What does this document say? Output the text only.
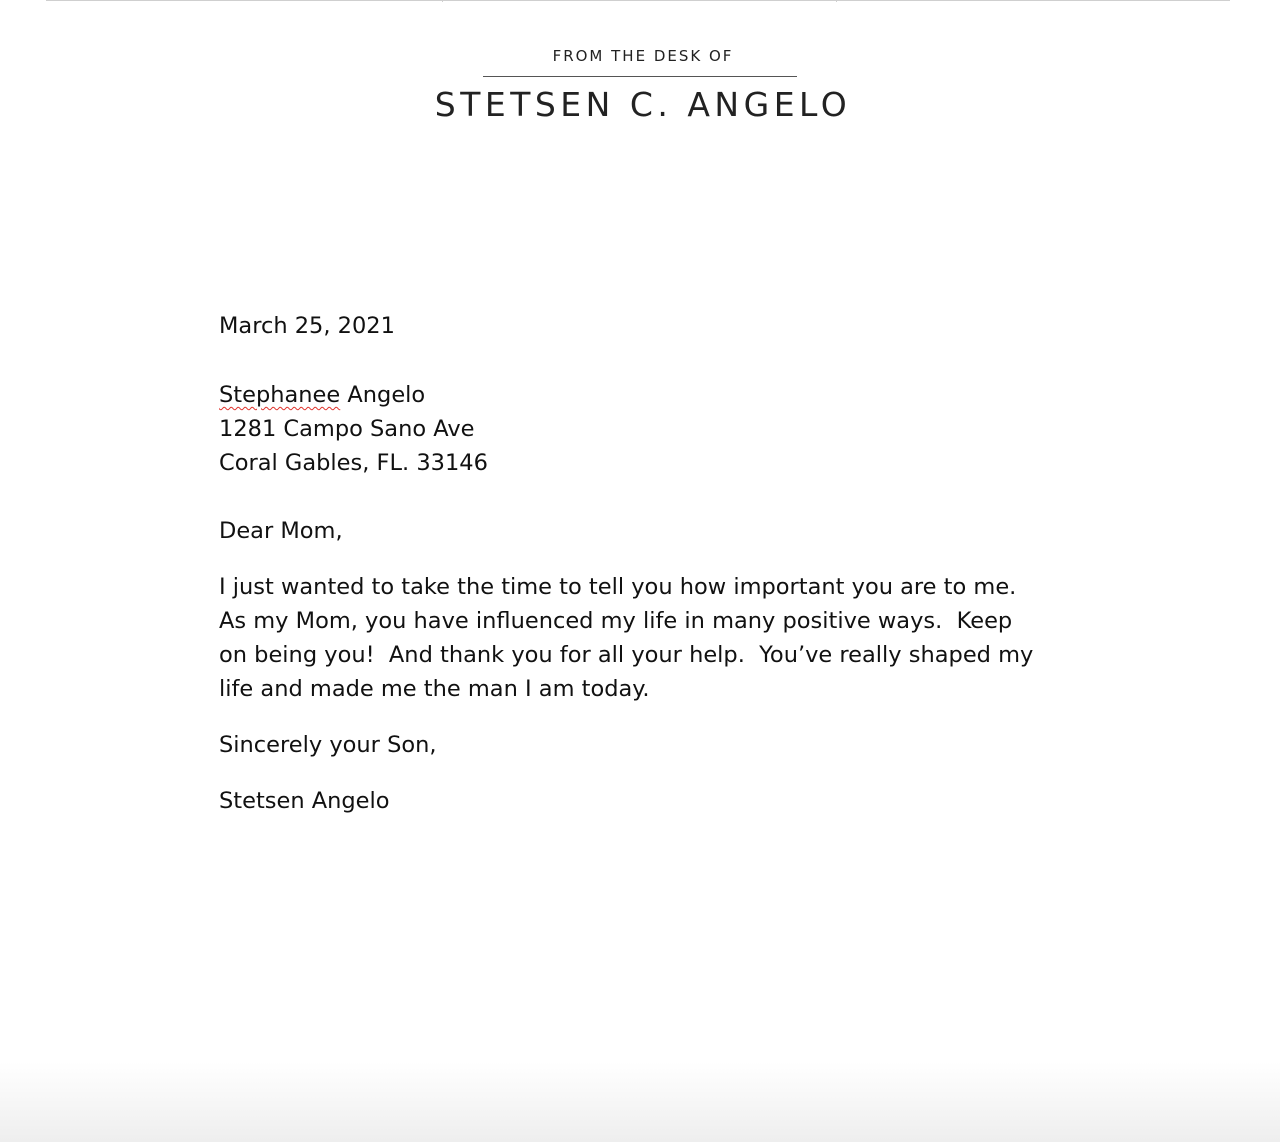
FROM THE DESK OF
STETSEN C. ANGELO
March 25, 2021
Stephanee Angelo
1281 Campo Sano Ave
Coral Gables, FL. 33146
Dear Mom,
I just wanted to take the time to tell you how important you are to me.
As my Mom, you have influenced my life in many positive ways.  Keep
on being you!  And thank you for all your help.  You’ve really shaped my
life and made me the man I am today.
Sincerely your Son,
Stetsen Angelo
